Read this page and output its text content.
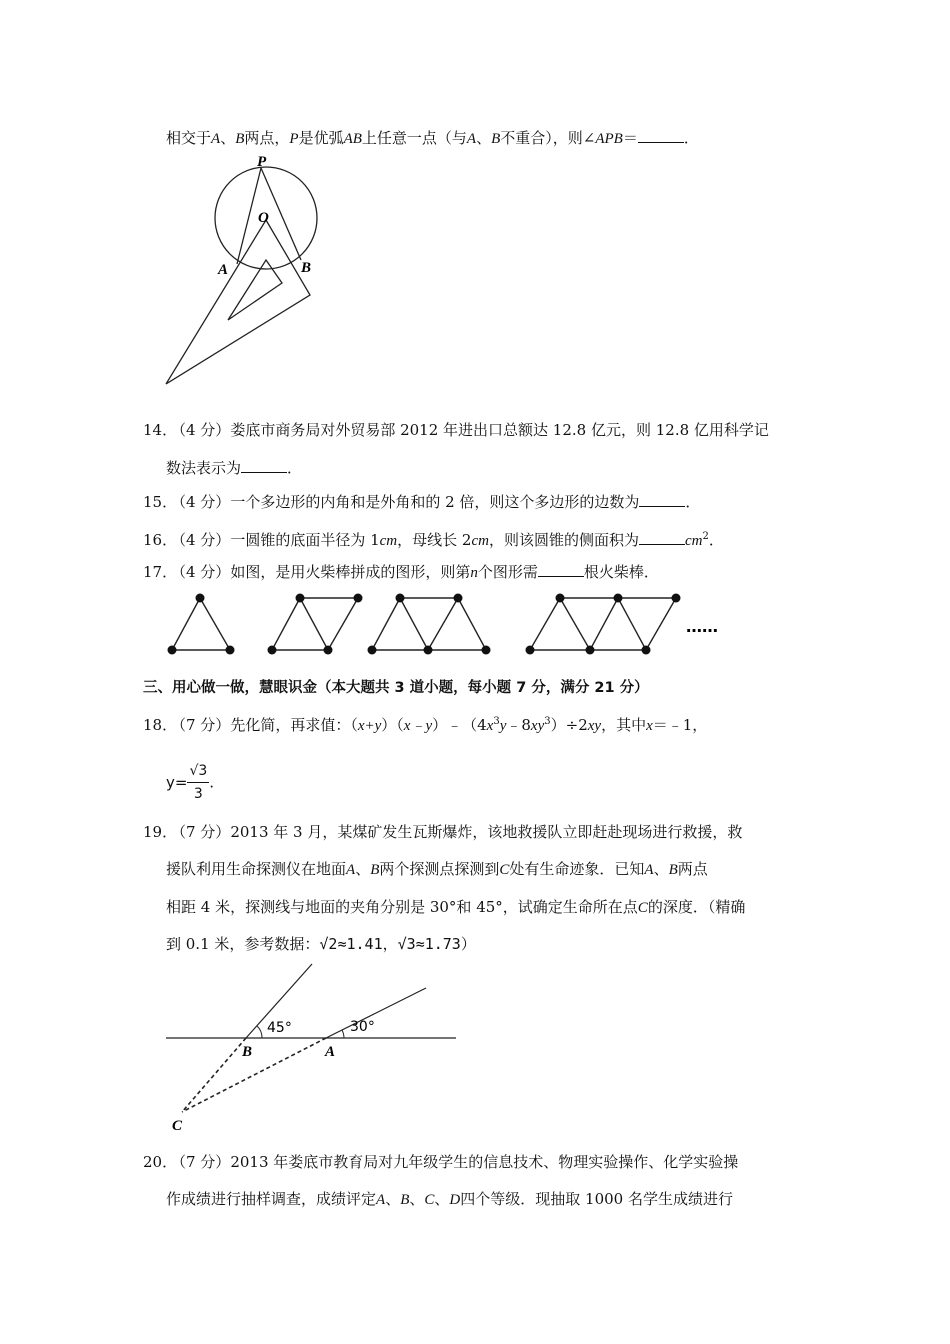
相交于A、B两点，P是优弧AB上任意一点（与A、B不重合），则∠APB＝	．
P
O
A	B
14．（4 分）娄底市商务局对外贸易部 2012 年进出口总额达 12.8 亿元，则 12.8 亿用科学记
数法表示为	．
15．（4 分）一个多边形的内角和是外角和的 2 倍，则这个多边形的边数为	．
16．（4 分）一圆锥的底面半径为 1cm，母线长 2cm，则该圆锥的侧面积为	$cm^2$．
17．（4 分）如图，是用火柴棒拼成的图形，则第n个图形需	根火柴棒．
……
三、用心做一做，慧眼识金（本大题共 3 道小题，每小题 7 分，满分 21 分）
18．（7 分）先化简，再求值：$(x+y)(x﹣y)﹣(4x^3y﹣8xy^3)\div 2xy$，其中x＝﹣1，
$y= \frac{√3}{3}$ .
19．（7 分）2013 年 3 月，某煤矿发生瓦斯爆炸，该地救援队立即赶赴现场进行救援，救
援队利用生命探测仪在地面A、B两个探测点探测到C处有生命迹象．已知A、B两点
相距 4 米，探测线与地面的夹角分别是 30°和 45°，试确定生命所在点C的深度．（精确
到 0.1 米，参考数据：√2≈1.41，√3≈1.73）
45°	30°
B	A
C
20．（7 分）2013 年娄底市教育局对九年级学生的信息技术、物理实验操作、化学实验操
作成绩进行抽样调查，成绩评定A、B、C、D四个等级．现抽取 1000 名学生成绩进行
